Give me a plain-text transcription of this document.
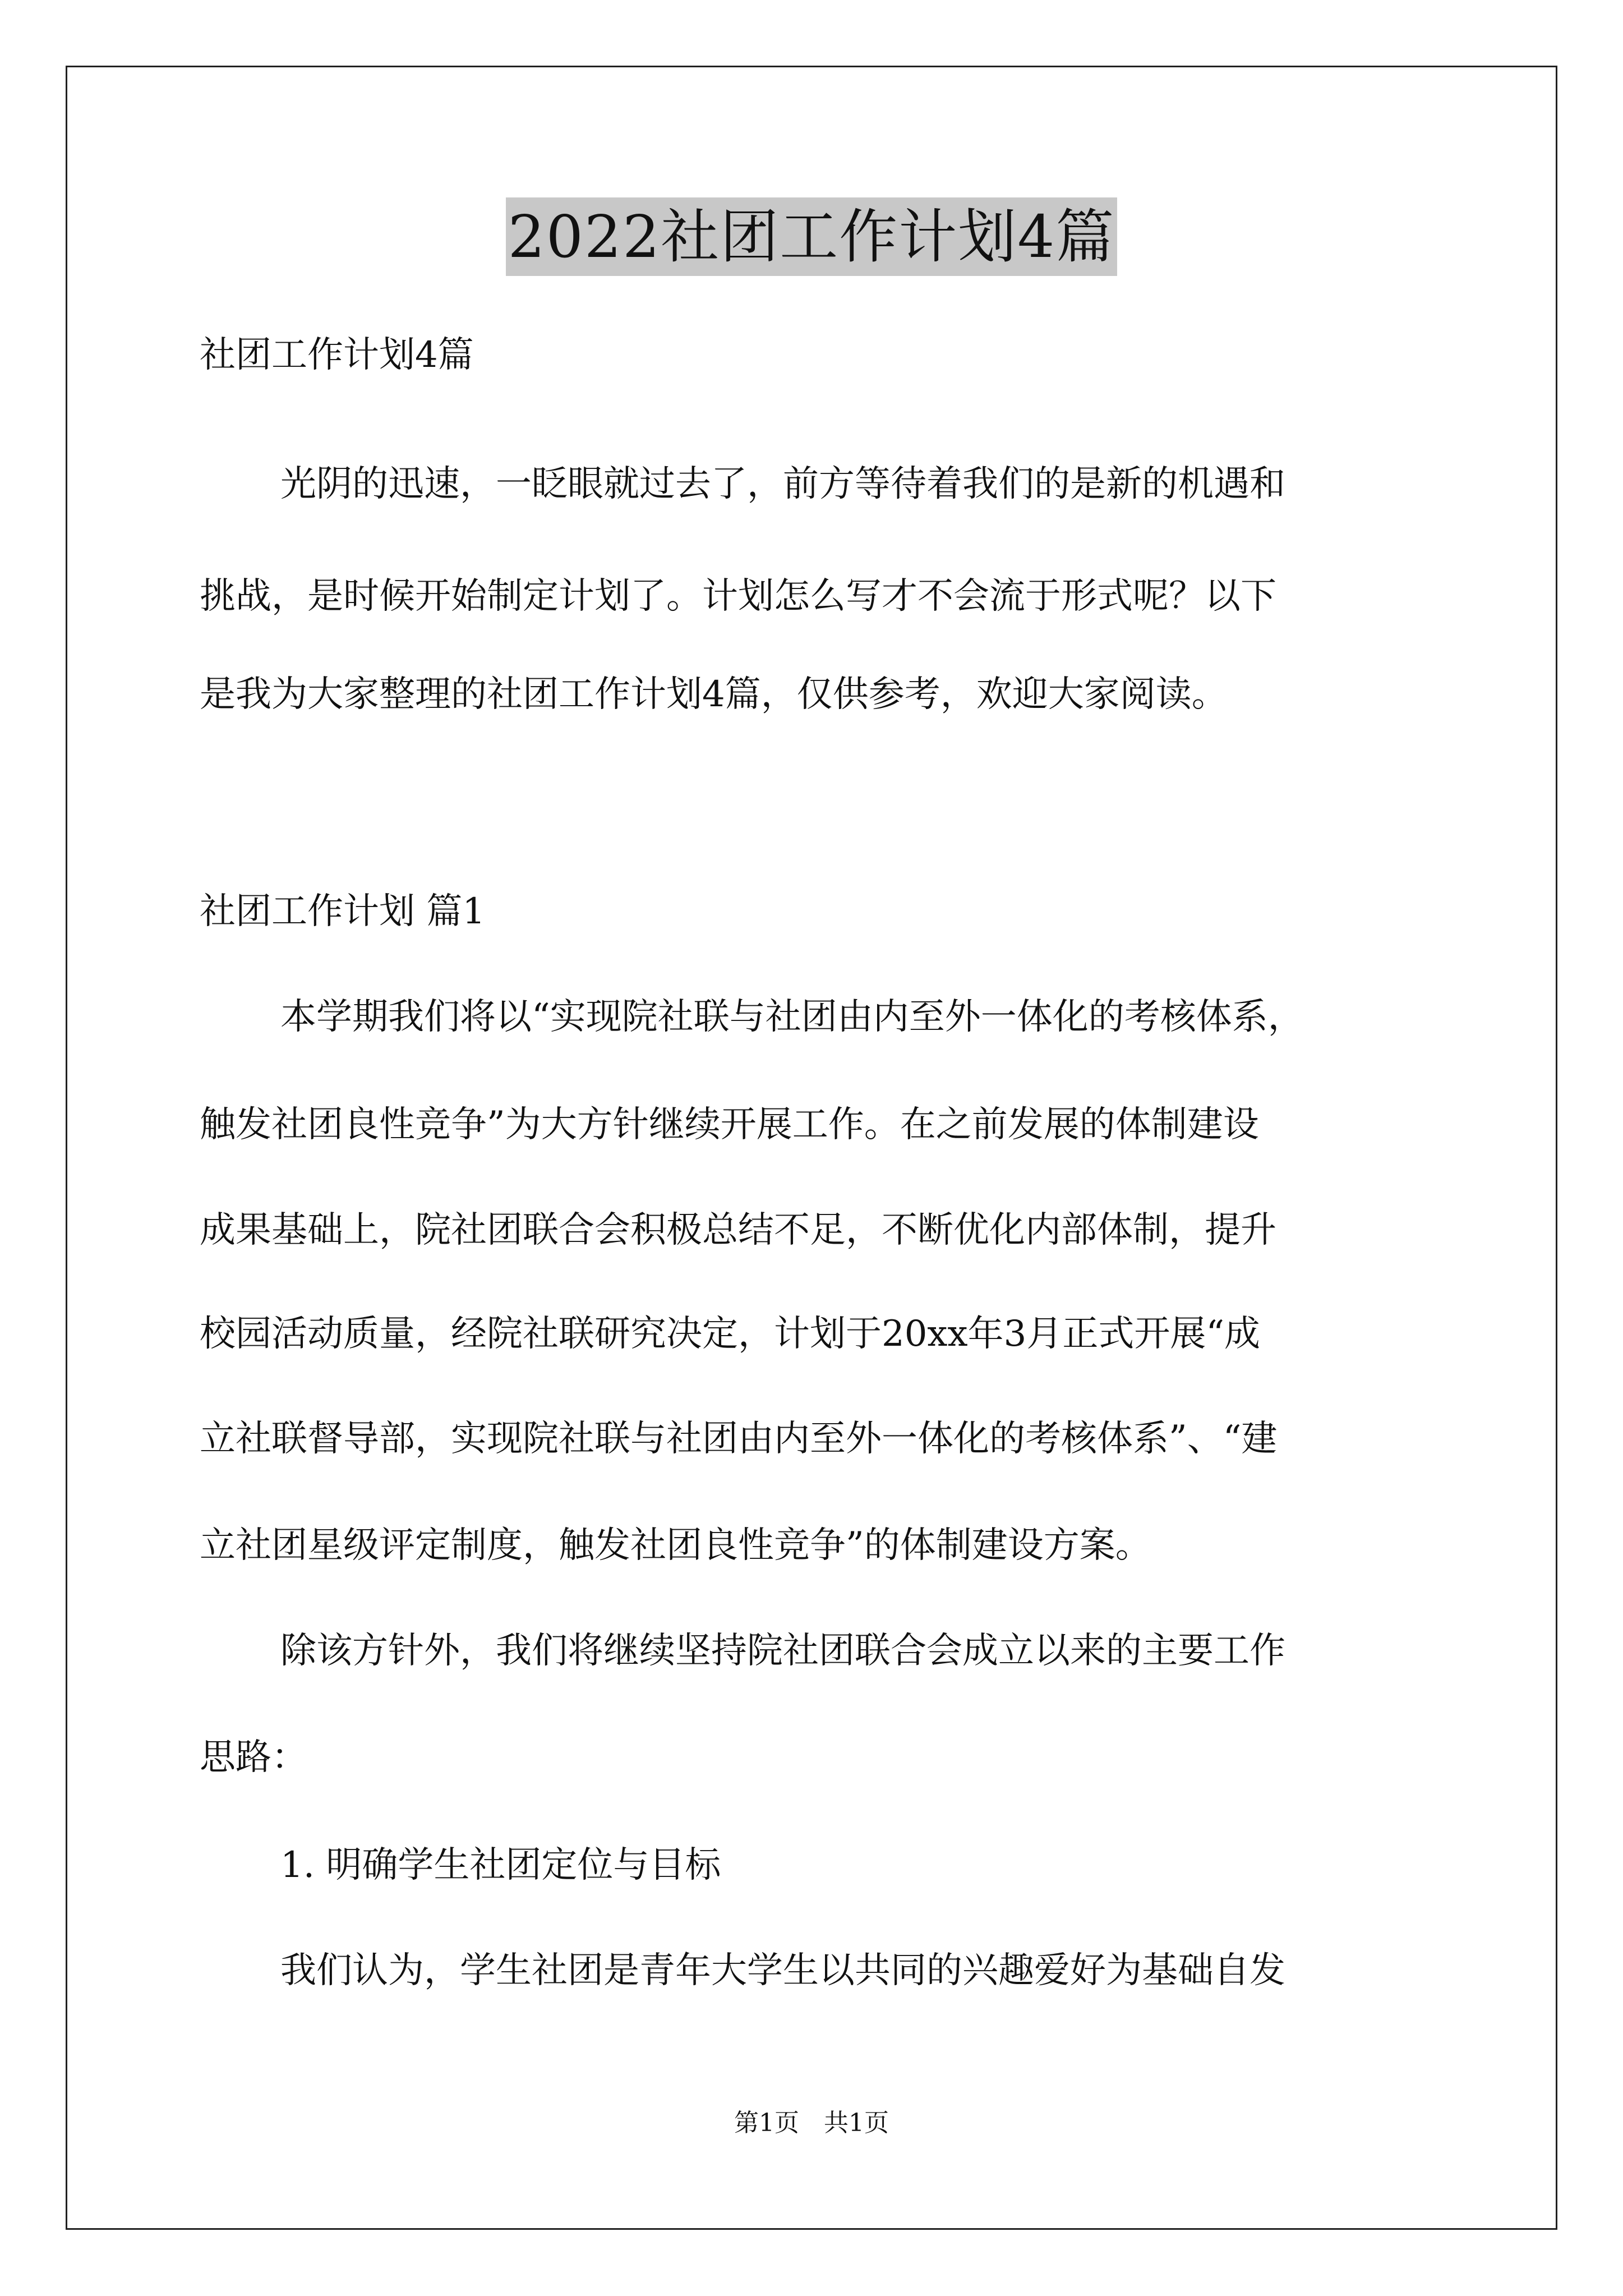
2022社团工作计划4篇

社团工作计划4篇

光阴的迅速，一眨眼就过去了，前方等待着我们的是新的机遇和

挑战，是时候开始制定计划了。计划怎么写才不会流于形式呢？以下

是我为大家整理的社团工作计划4篇，仅供参考，欢迎大家阅读。

社团工作计划 篇1

本学期我们将以“实现院社联与社团由内至外一体化的考核体系，

触发社团良性竞争”为大方针继续开展工作。在之前发展的体制建设

成果基础上，院社团联合会积极总结不足，不断优化内部体制，提升

校园活动质量，经院社联研究决定，计划于20xx年3月正式开展“成

立社联督导部，实现院社联与社团由内至外一体化的考核体系”、“建

立社团星级评定制度，触发社团良性竞争”的体制建设方案。

除该方针外，我们将继续坚持院社团联合会成立以来的主要工作

思路：

1. 明确学生社团定位与目标

我们认为，学生社团是青年大学生以共同的兴趣爱好为基础自发

第1页　共1页
